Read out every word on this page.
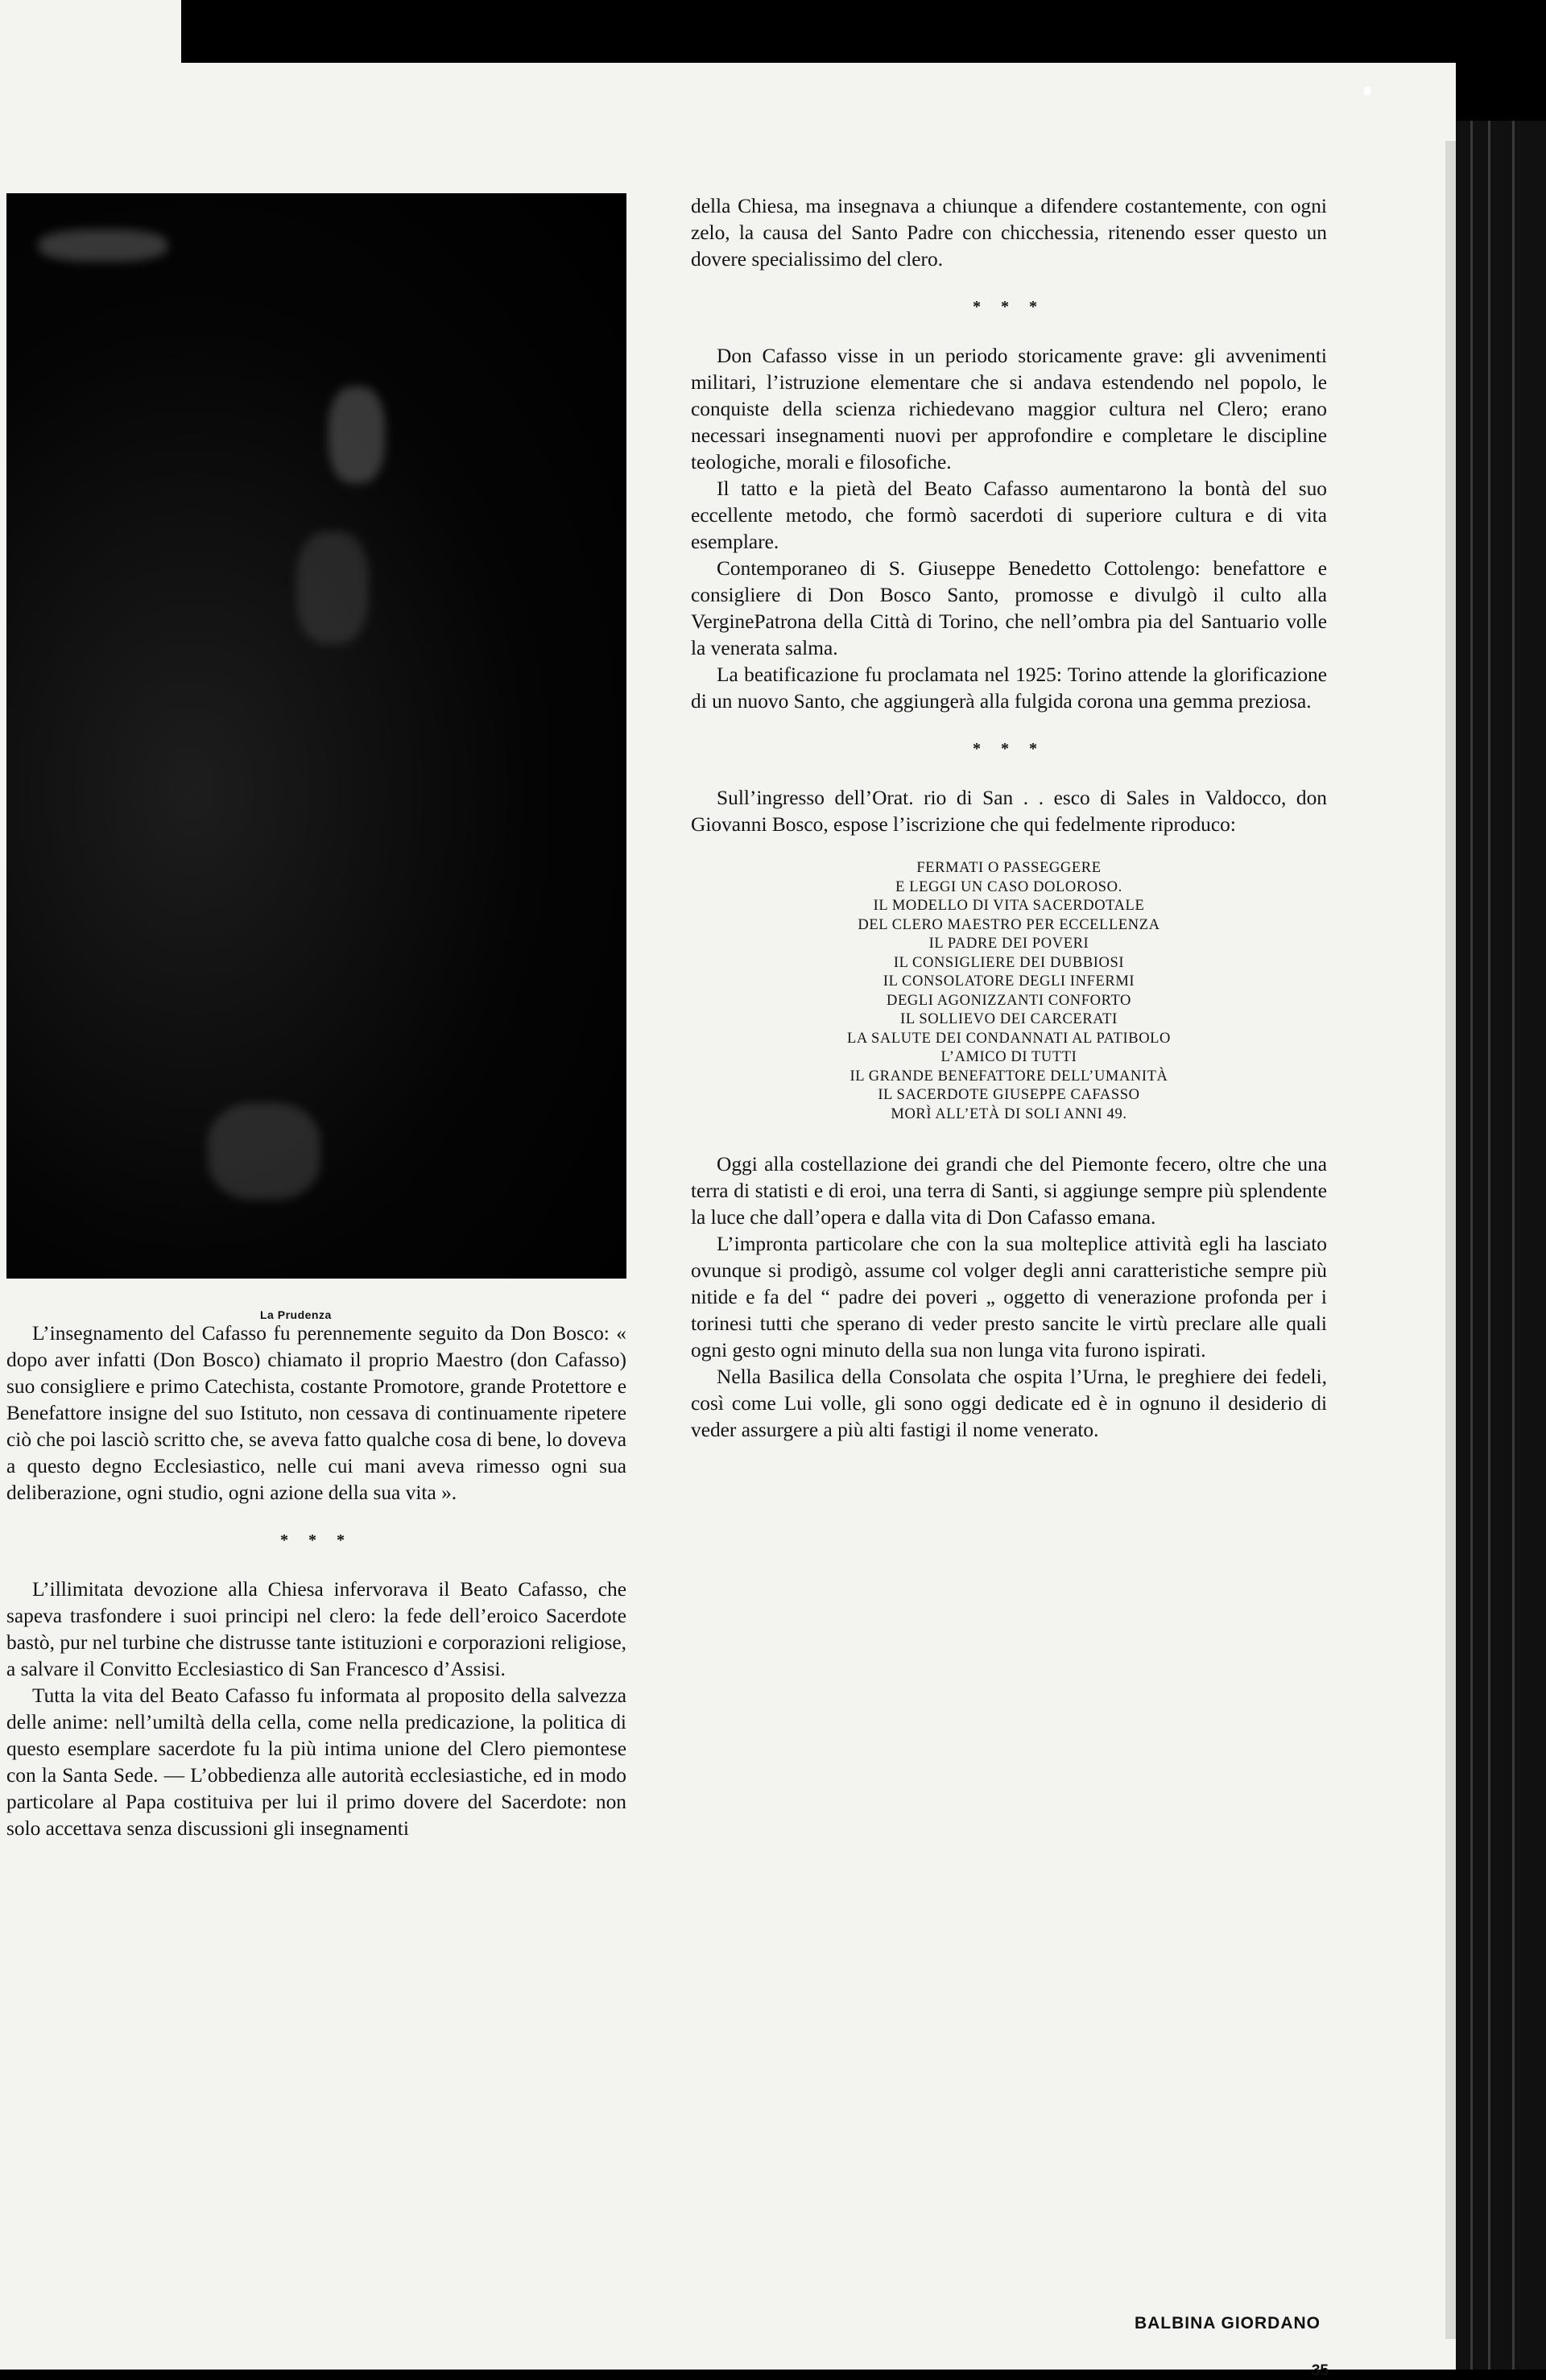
La Prudenza

L’insegnamento del Cafasso fu perennemente seguito da Don Bosco: « dopo aver infatti (Don Bosco) chiamato il proprio Maestro (don Cafasso) suo consigliere e primo Catechista, costante Promotore, grande Protettore e Benefattore insigne del suo Istituto, non cessava di continuamente ripetere ciò che poi lasciò scritto che, se aveva fatto qualche cosa di bene, lo doveva a questo degno Ecclesiastico, nelle cui mani aveva rimesso ogni sua deliberazione, ogni studio, ogni azione della sua vita ».

* * *

L’illimitata devozione alla Chiesa infervorava il Beato Cafasso, che sapeva trasfondere i suoi principi nel clero: la fede dell’eroico Sacerdote bastò, pur nel turbine che distrusse tante istituzioni e corporazioni religiose, a salvare il Convitto Ecclesiastico di San Francesco d’Assisi.

Tutta la vita del Beato Cafasso fu informata al proposito della salvezza delle anime: nell’umiltà della cella, come nella predicazione, la politica di questo esemplare sacerdote fu la più intima unione del Clero piemontese con la Santa Sede. — L’obbedienza alle autorità ecclesiastiche, ed in modo particolare al Papa costituiva per lui il primo dovere del Sacerdote: non solo accettava senza discussioni gli insegnamenti

della Chiesa, ma insegnava a chiunque a difendere costantemente, con ogni zelo, la causa del Santo Padre con chicchessia, ritenendo esser questo un dovere specialissimo del clero.

* * *

Don Cafasso visse in un periodo storicamente grave: gli avvenimenti militari, l’istruzione elementare che si andava estendendo nel popolo, le conquiste della scienza richiedevano maggior cultura nel Clero; erano necessari insegnamenti nuovi per approfondire e completare le discipline teologiche, morali e filosofiche.

Il tatto e la pietà del Beato Cafasso aumentarono la bontà del suo eccellente metodo, che formò sacerdoti di superiore cultura e di vita esemplare.

Contemporaneo di S. Giuseppe Benedetto Cottolengo: benefattore e consigliere di Don Bosco Santo, promosse e divulgò il culto alla VerginePatrona della Città di Torino, che nell’ombra pia del Santuario volle la venerata salma.

La beatificazione fu proclamata nel 1925: Torino attende la glorificazione di un nuovo Santo, che aggiungerà alla fulgida corona una gemma preziosa.

* * *

Sull’ingresso dell’Orat. rio di San . . esco di Sales in Valdocco, don Giovanni Bosco, espose l’iscrizione che qui fedelmente riproduco:

FERMATI O PASSEGGERE
E LEGGI UN CASO DOLOROSO.
IL MODELLO DI VITA SACERDOTALE
DEL CLERO MAESTRO PER ECCELLENZA
IL PADRE DEI POVERI
IL CONSIGLIERE DEI DUBBIOSI
IL CONSOLATORE DEGLI INFERMI
DEGLI AGONIZZANTI CONFORTO
IL SOLLIEVO DEI CARCERATI
LA SALUTE DEI CONDANNATI AL PATIBOLO
L’AMICO DI TUTTI
IL GRANDE BENEFATTORE DELL’UMANITÀ
IL SACERDOTE GIUSEPPE CAFASSO
MORÌ ALL’ETÀ DI SOLI ANNI 49.

Oggi alla costellazione dei grandi che del Piemonte fecero, oltre che una terra di statisti e di eroi, una terra di Santi, si aggiunge sempre più splendente la luce che dall’opera e dalla vita di Don Cafasso emana.

L’impronta particolare che con la sua molteplice attività egli ha lasciato ovunque si prodigò, assume col volger degli anni caratteristiche sempre più nitide e fa del “ padre dei poveri „ oggetto di venerazione profonda per i torinesi tutti che sperano di veder presto sancite le virtù preclare alle quali ogni gesto ogni minuto della sua non lunga vita furono ispirati.

Nella Basilica della Consolata che ospita l’Urna, le preghiere dei fedeli, così come Lui volle, gli sono oggi dedicate ed è in ognuno il desiderio di veder assurgere a più alti fastigi il nome venerato.

BALBINA GIORDANO
35
